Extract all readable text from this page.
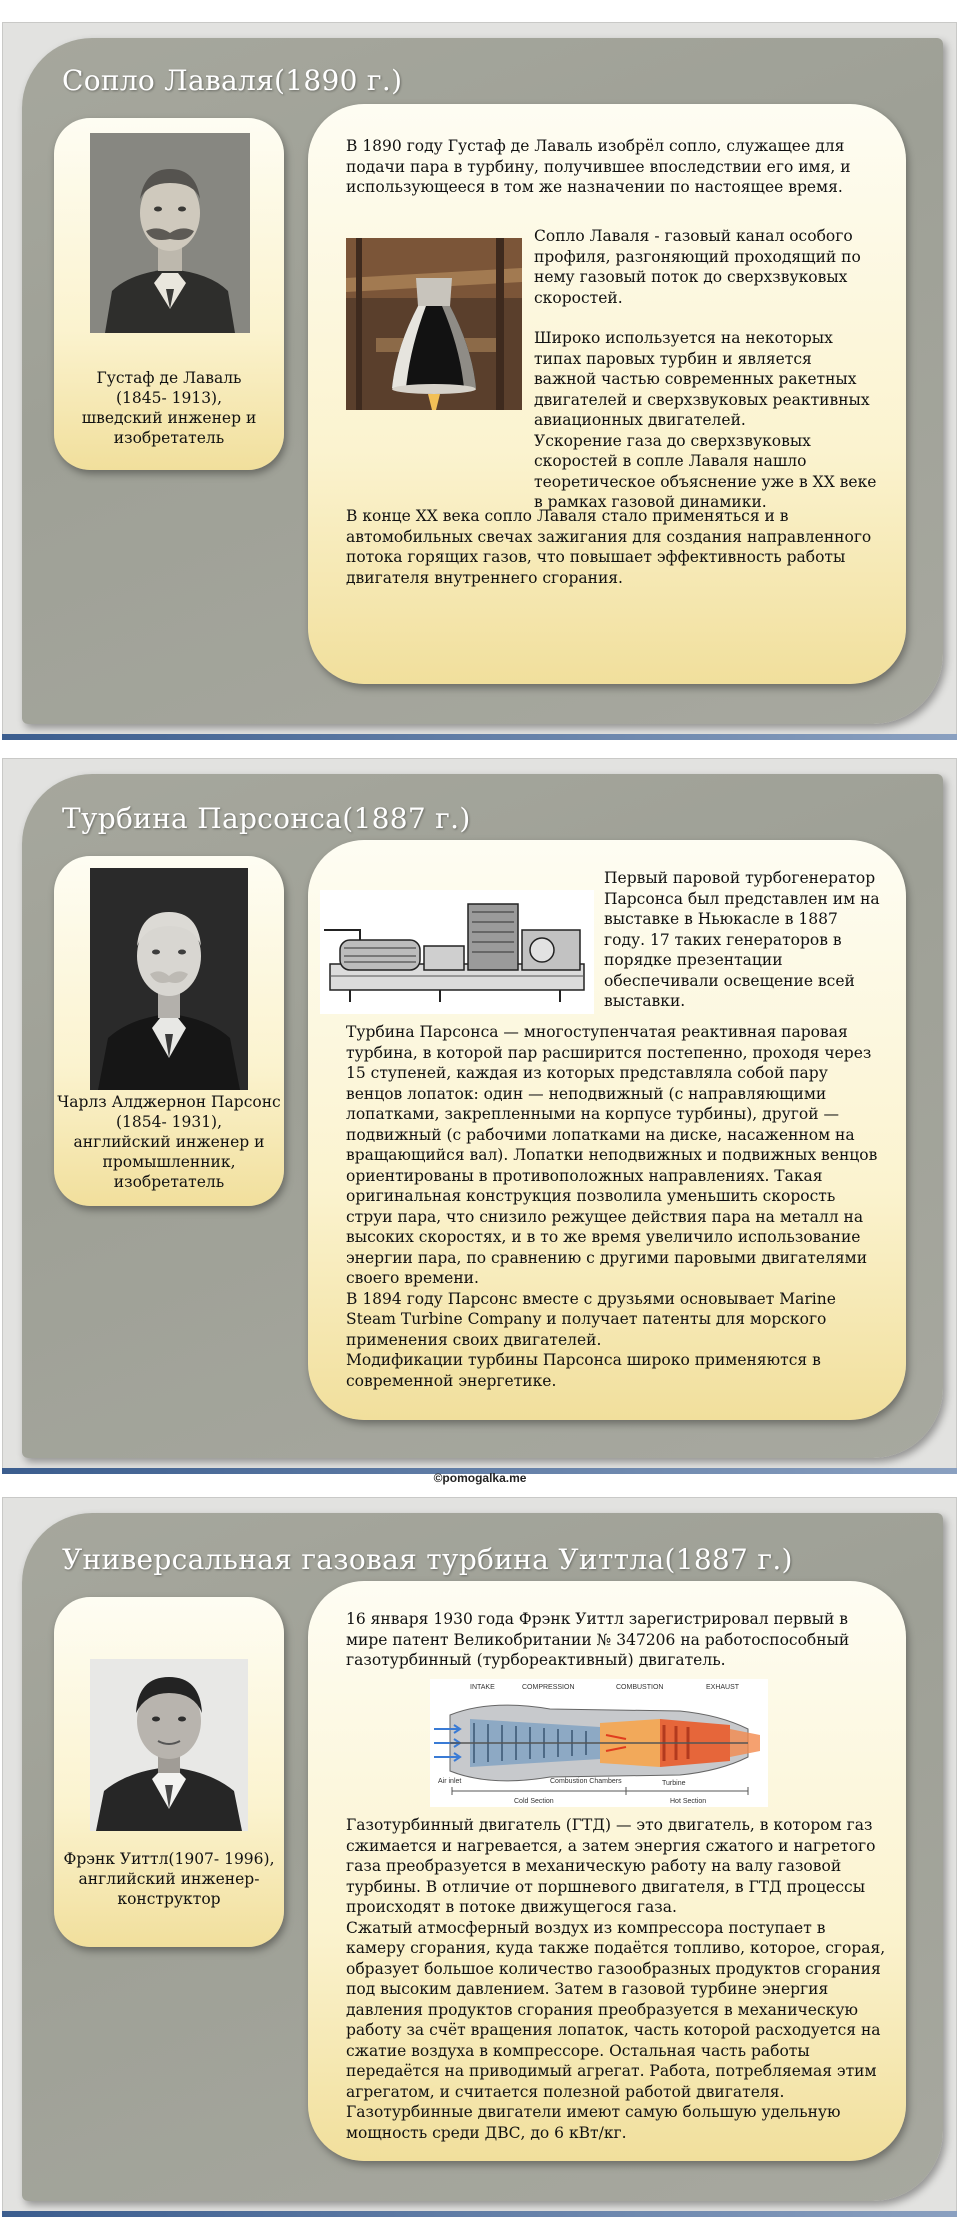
Сопло Лаваля(1890 г.)
Густаф де Лаваль
(1845- 1913),
шведский инженер и
изобретатель
В 1890 году Густаф де Лаваль изобрёл сопло, служащее для подачи пара в турбину, получившее впоследствии его имя, и использующееся в том же назначении по настоящее время.

Сопло Лаваля - газовый канал особого профиля, разгоняющий проходящий по нему газовый поток до сверхзвуковых скоростей.

Широко используется на некоторых типах паровых турбин и является важной частью современных ракетных двигателей и сверхзвуковых реактивных авиационных двигателей.

Ускорение газа до сверхзвуковых скоростей в сопле Лаваля нашло теоретическое объяснение уже в XX веке в рамках газовой динамики.

В конце XX века сопло Лаваля стало применяться и в автомобильных свечах зажигания для создания направленного потока горящих газов, что повышает эффективность работы двигателя внутреннего сгорания.
Турбина Парсонса(1887 г.)
Чарлз Алджернон Парсонс
(1854- 1931),
английский инженер и
промышленник,
изобретатель
Первый паровой турбогенератор Парсонса был представлен им на выставке в Ньюкасле в 1887 году. 17 таких генераторов в порядке презентации обеспечивали освещение всей выставки.

Турбина Парсонса — многоступенчатая реактивная паровая турбина, в которой пар расширится постепенно, проходя через 15 ступеней, каждая из которых представляла собой пару венцов лопаток: один — неподвижный (с направляющими лопатками, закрепленными на корпусе турбины), другой — подвижный (с рабочими лопатками на диске, насаженном на вращающийся вал). Лопатки неподвижных и подвижных венцов ориентированы в противоположных направлениях. Такая оригинальная конструкция позволила уменьшить скорость струи пара, что снизило режущее действия пара на металл на высоких скоростях, и в то же время увеличило использование энергии пара, по сравнению с другими паровыми двигателями своего времени.

В 1894 году Парсонс вместе с друзьями основывает Marine Steam Turbine Company и получает патенты для морского применения своих двигателей.

Модификации турбины Парсонса широко применяются в современной энергетике.

©pomogalka.me
Универсальная газовая турбина Уиттла(1887 г.)
Фрэнк Уиттл(1907- 1996),
английский инженер-
конструктор
16 января 1930 года Фрэнк Уиттл зарегистрировал первый в мире патент Великобритании № 347206 на работоспособный газотурбинный (турбореактивный) двигатель.
INTAKE	COMPRESSION	COMBUSTION	EXHAUST
Air inlet	Combustion Chambers	Turbine
Cold Section	Hot Section

Газотурбинный двигатель (ГТД) — это двигатель, в котором газ сжимается и нагревается, а затем энергия сжатого и нагретого газа преобразуется в механическую работу на валу газовой турбины. В отличие от поршневого двигателя, в ГТД процессы происходят в потоке движущегося газа.

Сжатый атмосферный воздух из компрессора поступает в камеру сгорания, куда также подаётся топливо, которое, сгорая, образует большое количество газообразных продуктов сгорания под высоким давлением. Затем в газовой турбине энергия давления продуктов сгорания преобразуется в механическую работу за счёт вращения лопаток, часть которой расходуется на сжатие воздуха в компрессоре. Остальная часть работы передаётся на приводимый агрегат. Работа, потребляемая этим агрегатом, и считается полезной работой двигателя. Газотурбинные двигатели имеют самую большую удельную мощность среди ДВС, до 6 кВт/кг.
